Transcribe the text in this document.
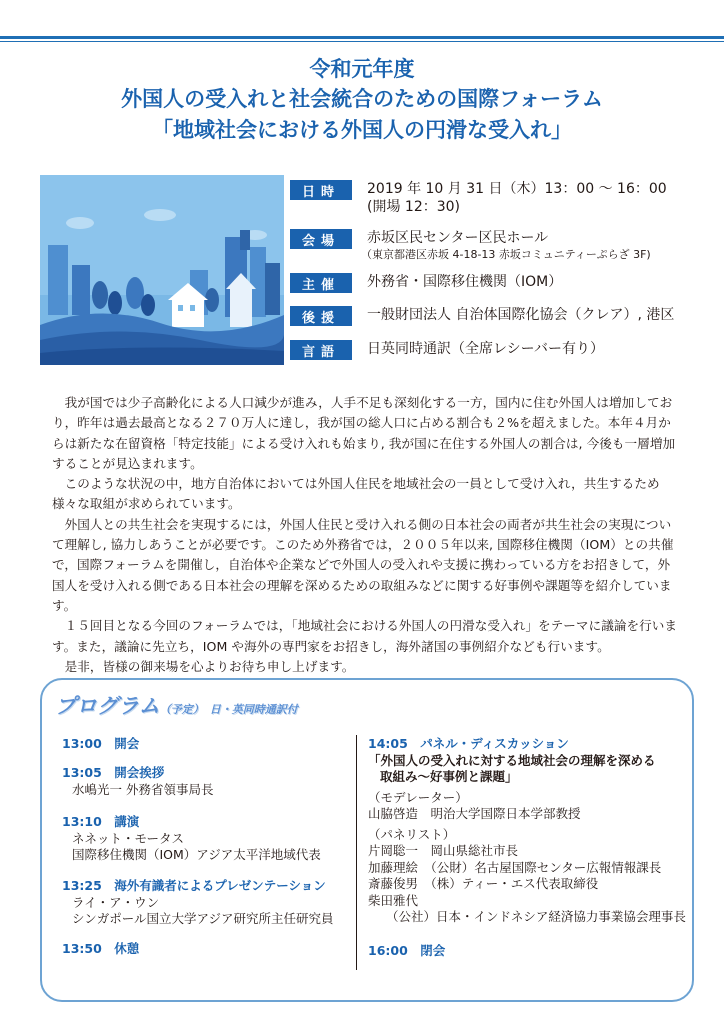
令和元年度
外国人の受入れと社会統合のための国際フォーラム
「地域社会における外国人の円滑な受入れ」
日時	2019 年 10 月 31 日（木）13：00 ～ 16：00
(開場 12：30)
会場	赤坂区民センター区民ホール
（東京都港区赤坂 4-18-13 赤坂コミュニティーぷらざ 3F)
主催	外務省・国際移住機関（IOM）
後援	一般財団法人 自治体国際化協会（クレア）, 港区
言語	日英同時通訳（全席レシーバー有り）

我が国では少子高齢化による人口減少が進み，人手不足も深刻化する一方，国内に住む外国人は増加しており，昨年は過去最高となる２７０万人に達し，我が国の総人口に占める割合も２%を超えました。本年４月からは新たな在留資格「特定技能」による受け入れも始まり, 我が国に在住する外国人の割合は, 今後も一層増加することが見込まれます。

このような状況の中，地方自治体においては外国人住民を地域社会の一員として受け入れ，共生するため様々な取組が求められています。

外国人との共生社会を実現するには，外国人住民と受け入れる側の日本社会の両者が共生社会の実現について理解し, 協力しあうことが必要です。このため外務省では，２００５年以来, 国際移住機関（IOM）との共催で，国際フォーラムを開催し，自治体や企業などで外国人の受入れや支援に携わっている方をお招きして，外国人を受け入れる側である日本社会の理解を深めるための取組みなどに関する好事例や課題等を紹介しています。

１５回目となる今回のフォーラムでは，「地域社会における外国人の円滑な受入れ」をテーマに議論を行います。また，議論に先立ち，IOM や海外の専門家をお招きし，海外諸国の事例紹介なども行います。

是非，皆様の御来場を心よりお待ち申し上げます。

プログラム（予定） 日・英同時通訳付
13:00　開会
13:05　開会挨拶
水嶋光一 外務省領事局長
13:10　講演
ネネット・モータス
国際移住機関（IOM）アジア太平洋地域代表
13:25　海外有識者によるプレゼンテーション
ライ・ア・ウン
シンガポール国立大学アジア研究所主任研究員
13:50　休憩
14:05　パネル・ディスカッション
「外国人の受入れに対する地域社会の理解を深める
取組み～好事例と課題」
（モデレーター）
山脇啓造　明治大学国際日本学部教授
（パネリスト）
片岡聡一　岡山県総社市長
加藤理絵　（公財）名古屋国際センター広報情報課長
斎藤俊男　（株）ティー・エス代表取締役
柴田雅代
（公社）日本・インドネシア経済協力事業協会理事長
16:00　閉会
